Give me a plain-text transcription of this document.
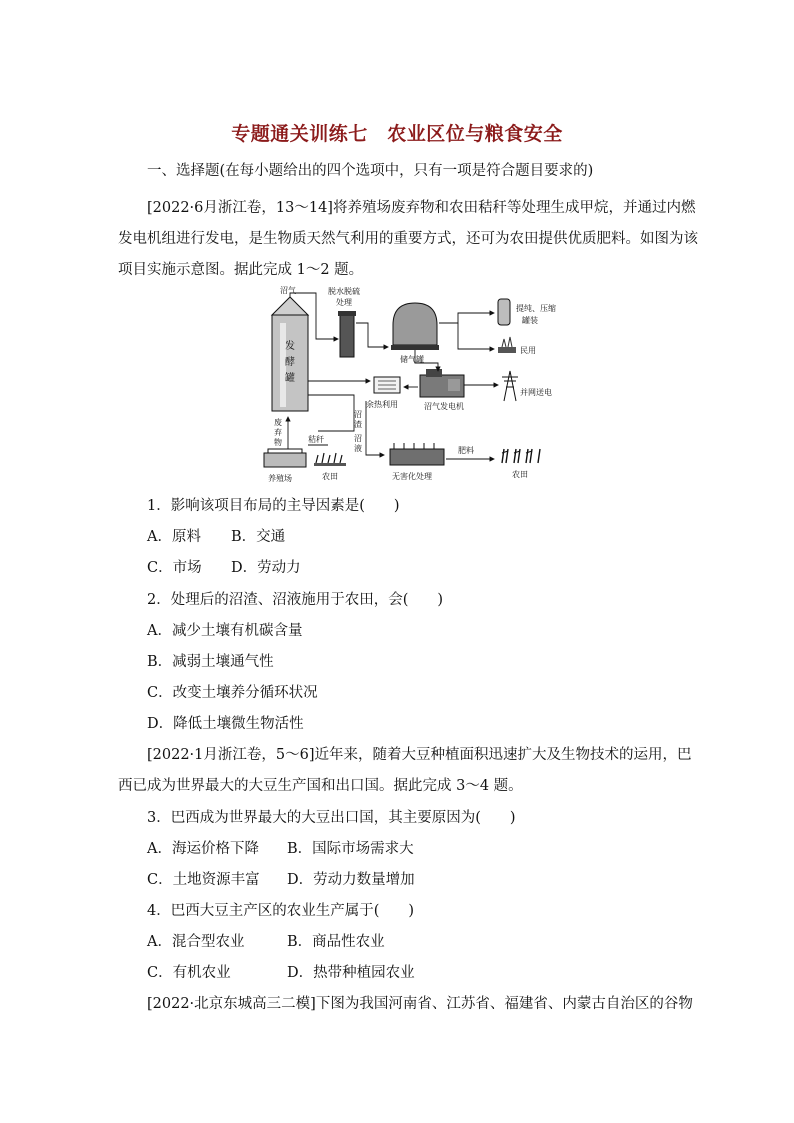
专题通关训练七　农业区位与粮食安全
一、选择题(在每小题给出的四个选项中，只有一项是符合题目要求的)
[2022·6月浙江卷，13～14]将养殖场废弃物和农田秸秆等处理生成甲烷，并通过内燃
发电机组进行发电，是生物质天然气利用的重要方式，还可为农田提供优质肥料。如图为该
项目实施示意图。据此完成 1～2 题。
发
酵
罐
沼气	脱水脱硫
处理
储气罐
提纯、压缩
罐装
民用
余热利用	沼气发电机
并网送电
养殖场
废
弃
物
农田
秸秆
沼
渣
沼
液
无害化处理
肥料
农田
1．影响该项目布局的主导因素是(　　)
A．原料 B．交通
C．市场 D．劳动力
2．处理后的沼渣、沼液施用于农田，会(　　)
A．减少土壤有机碳含量
B．减弱土壤通气性
C．改变土壤养分循环状况
D．降低土壤微生物活性
[2022·1月浙江卷，5～6]近年来，随着大豆种植面积迅速扩大及生物技术的运用，巴
西已成为世界最大的大豆生产国和出口国。据此完成 3～4 题。
3．巴西成为世界最大的大豆出口国，其主要原因为(　　)
A．海运价格下降 B．国际市场需求大
C．土地资源丰富 D．劳动力数量增加
4．巴西大豆主产区的农业生产属于(　　)
A．混合型农业	B．商品性农业
C．有机农业	D．热带种植园农业
[2022·北京东城高三二模]下图为我国河南省、江苏省、福建省、内蒙古自治区的谷物
